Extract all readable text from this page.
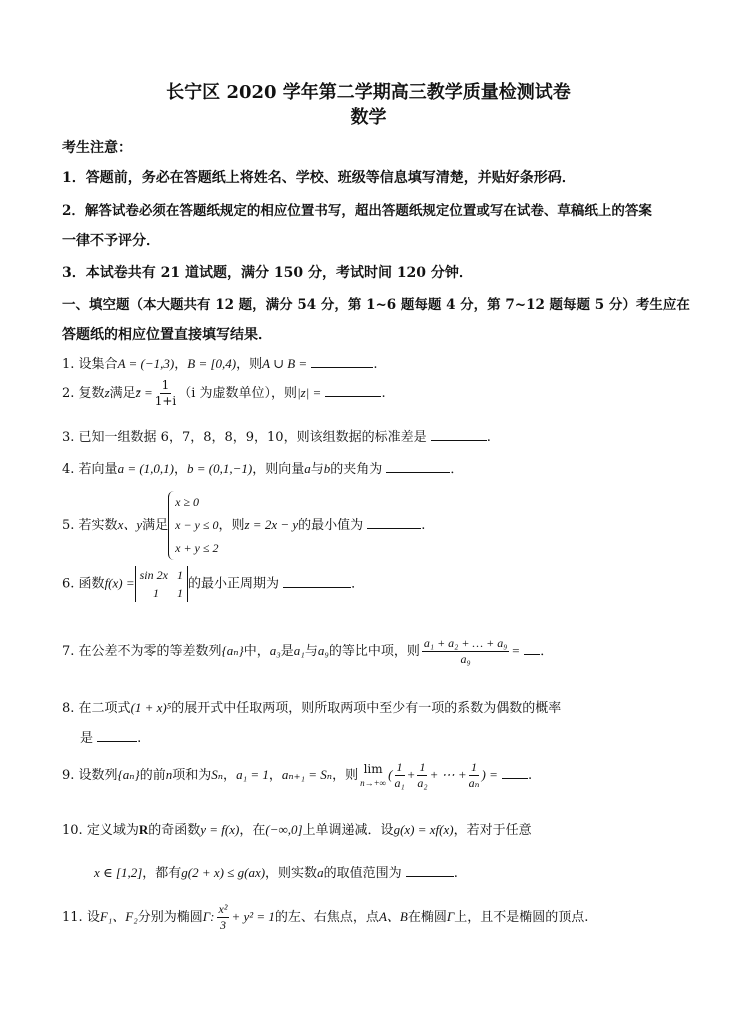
长宁区 2020 学年第二学期高三教学质量检测试卷
数学
考生注意：
1．答题前，务必在答题纸上将姓名、学校、班级等信息填写清楚，并贴好条形码．
2．解答试卷必须在答题纸规定的相应位置书写，超出答题纸规定位置或写在试卷、草稿纸上的答案
一律不予评分．
3．本试卷共有 21 道试题，满分 150 分，考试时间 120 分钟．
一、填空题（本大题共有 12 题，满分 54 分，第 1~6 题每题 4 分，第 7~12 题每题 5 分）考生应在
答题纸的相应位置直接填写结果．
1. 设集合A = (−1,3)，B = [0,4)，则A ∪ B =	.
2. 复数z满足z̄ = $\frac{1}{1+i} (i$ 为虚数单位），则|z| =	.
3. 已知一组数据 6，7，8，8，9，10，则该组数据的标准差是	.
4. 若向量a = (1,0,1)，b = (0,1,−1)，则向量a与b的夹角为	．
5. 若实数x、y满足
x ≥ 0
x − y ≤ 0
x + y ≤ 2
，则z = 2x − y的最小值为	.
6. 函数f(x) =
sin 2x 1
1 1
的最小正周期为	．
7. 在公差不为零的等差数列{aₙ}中，a₃是a₁与a₉的等比中项，则 $\frac{\text{a₁ + a₂ + … + a₉}}{\text{a₉}}$ = ．
8. 在二项式(1 + x)⁵的展开式中任取两项，则所取两项中至少有一项的系数为偶数的概率
是	.
9. 设数列{aₙ}的前n项和为Sₙ，a₁ = 1，aₙ₊₁ = Sₙ，则 lim
n→+∞
( $\frac{1}{\text{a₁}} + \frac{1}{\text{a₂}}$ + ⋯ + $\frac{1}{\text{aₙ}}$ ) = .
10. 定义域为R的奇函数y = f(x)，在(−∞,0]上单调递减．设g(x) = xf(x)，若对于任意
x ∈ [1,2]，都有g(2 + x) ≤ g(ax)，则实数a的取值范围为	.
11. 设F₁、F₂分别为椭圆Γ: $\frac{\text{x²}}{3} + y^2 = 1$的左、右焦点，点A、B在椭圆Γ上，且不是椭圆的顶点.
